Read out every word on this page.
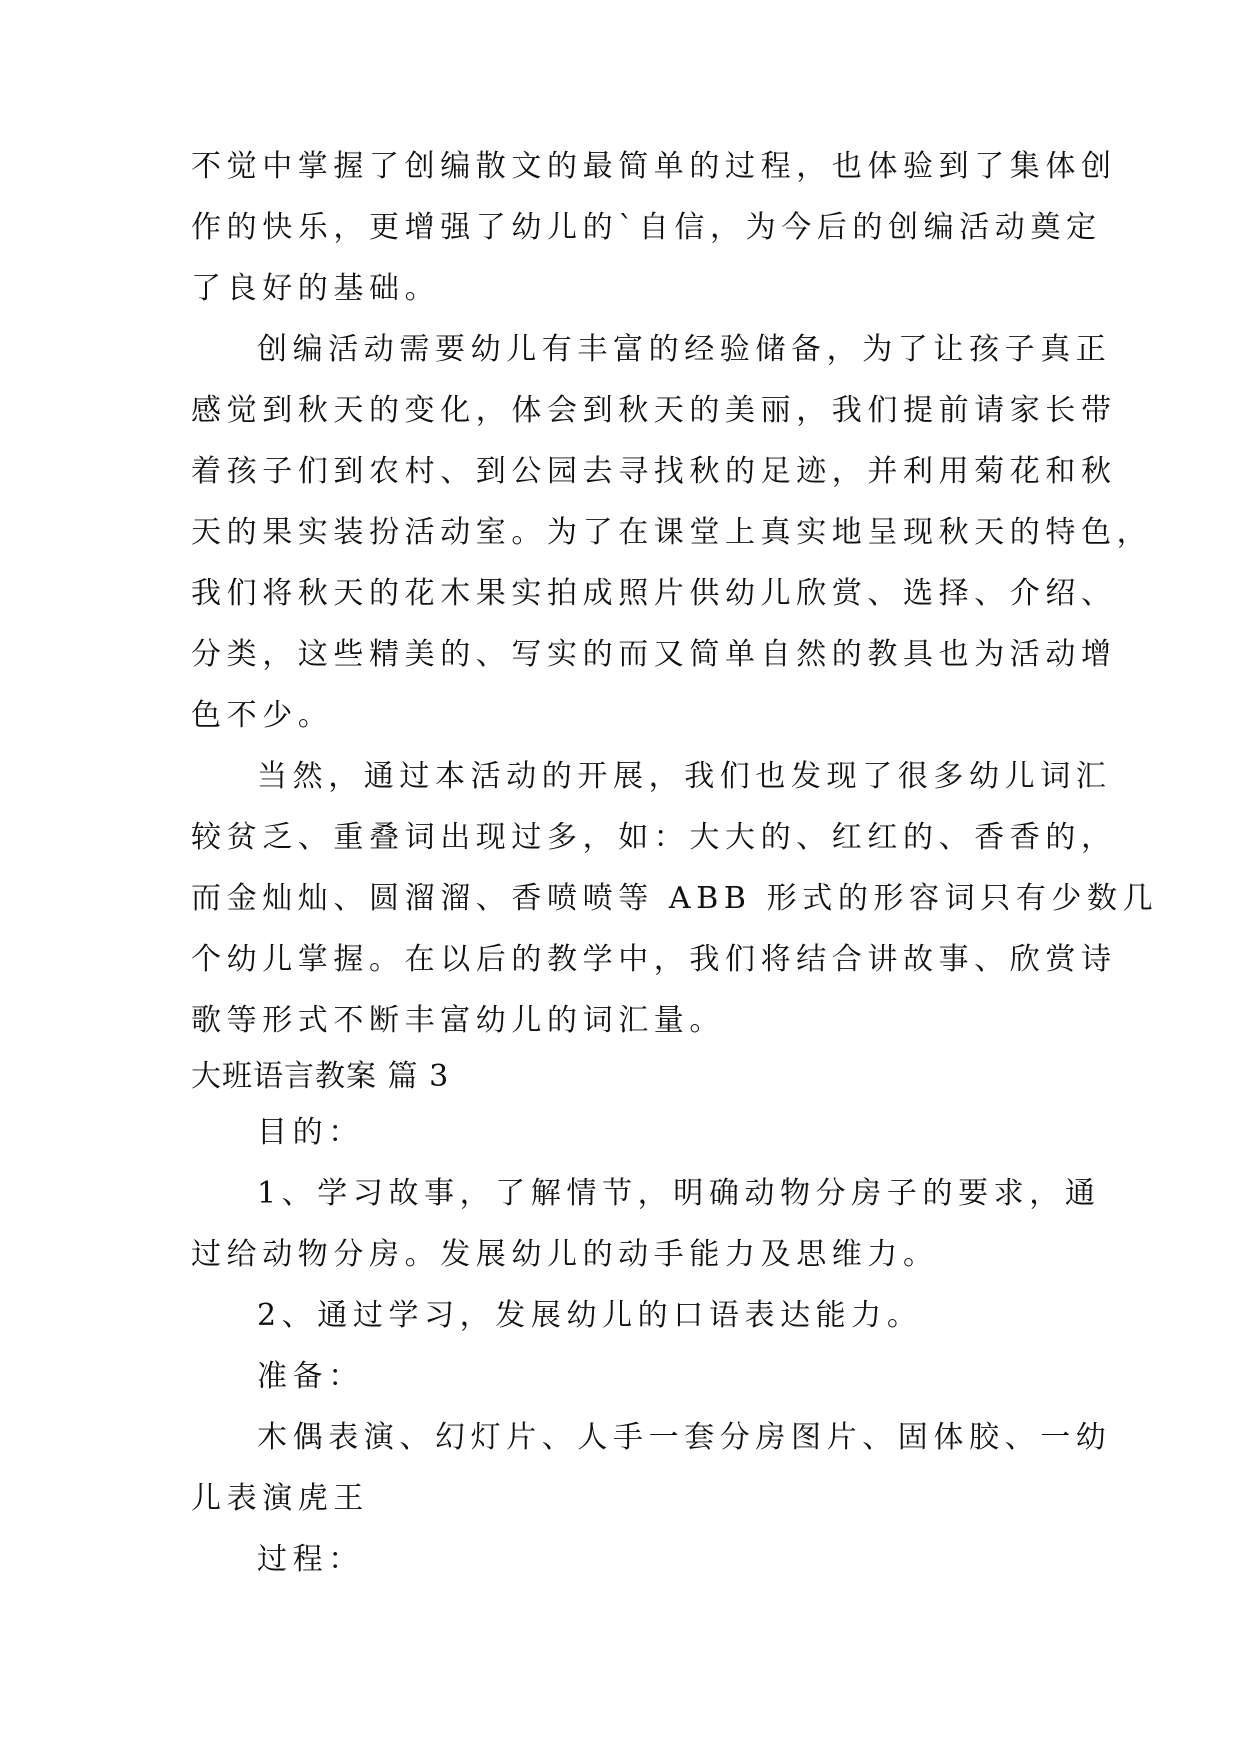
不觉中掌握了创编散文的最简单的过程，也体验到了集体创
作的快乐，更增强了幼儿的`自信，为今后的创编活动奠定
了良好的基础。
创编活动需要幼儿有丰富的经验储备，为了让孩子真正
感觉到秋天的变化，体会到秋天的美丽，我们提前请家长带
着孩子们到农村、到公园去寻找秋的足迹，并利用菊花和秋
天的果实装扮活动室。为了在课堂上真实地呈现秋天的特色，
我们将秋天的花木果实拍成照片供幼儿欣赏、选择、介绍、
分类，这些精美的、写实的而又简单自然的教具也为活动增
色不少。
当然，通过本活动的开展，我们也发现了很多幼儿词汇
较贫乏、重叠词出现过多，如：大大的、红红的、香香的，
而金灿灿、圆溜溜、香喷喷等 ABB 形式的形容词只有少数几
个幼儿掌握。在以后的教学中，我们将结合讲故事、欣赏诗
歌等形式不断丰富幼儿的词汇量。
大班语言教案 篇 3
目的：
1、学习故事，了解情节，明确动物分房子的要求，通
过给动物分房。发展幼儿的动手能力及思维力。
2、通过学习，发展幼儿的口语表达能力。
准备：
木偶表演、幻灯片、人手一套分房图片、固体胶、一幼
儿表演虎王
过程：
